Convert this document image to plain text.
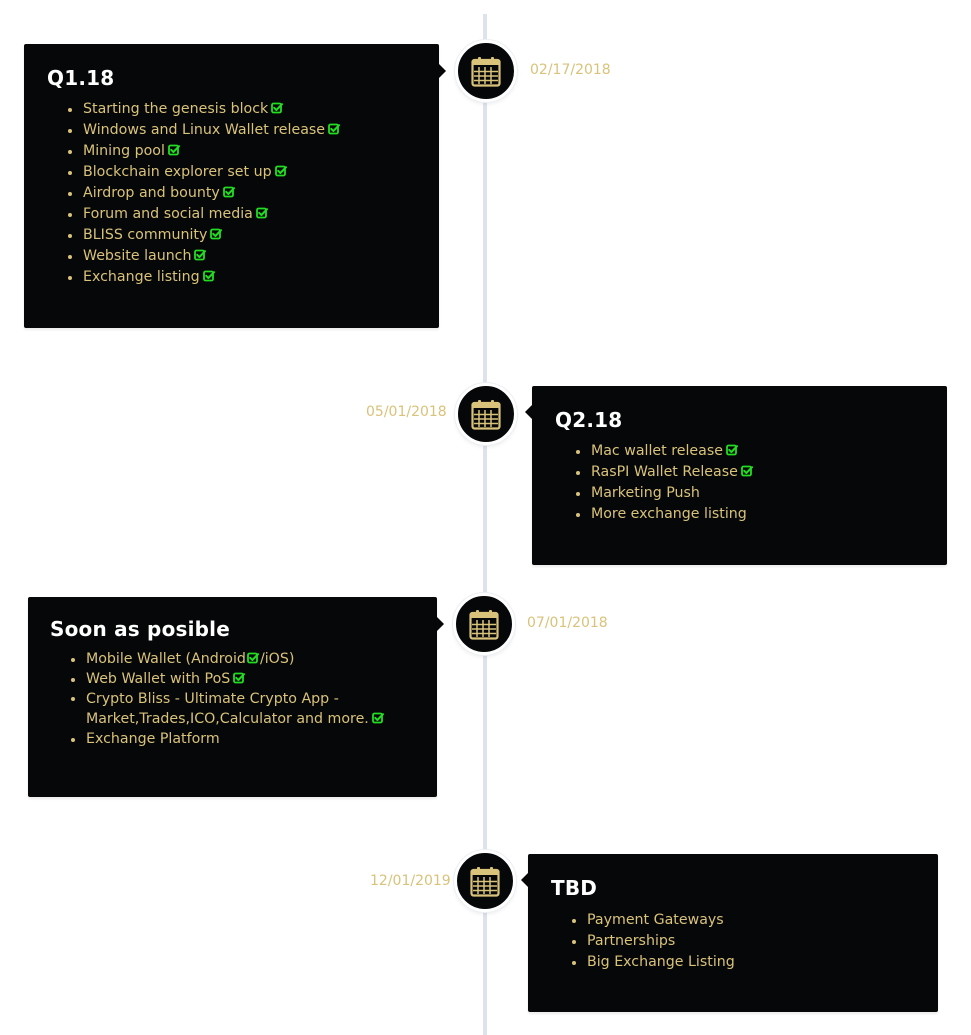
Q1.18
Starting the genesis block
Windows and Linux Wallet release
Mining pool
Blockchain explorer set up
Airdrop and bounty
Forum and social media
BLISS community
Website launch
Exchange listing
02/17/2018
Q2.18
Mac wallet release
RasPI Wallet Release
Marketing Push
More exchange listing
05/01/2018
Soon as posible
Mobile Wallet (Android /iOS)
Web Wallet with PoS
Crypto Bliss - Ultimate Crypto App - Market,Trades,ICO,Calculator and more.
Exchange Platform
07/01/2018
TBD
Payment Gateways
Partnerships
Big Exchange Listing
12/01/2019
